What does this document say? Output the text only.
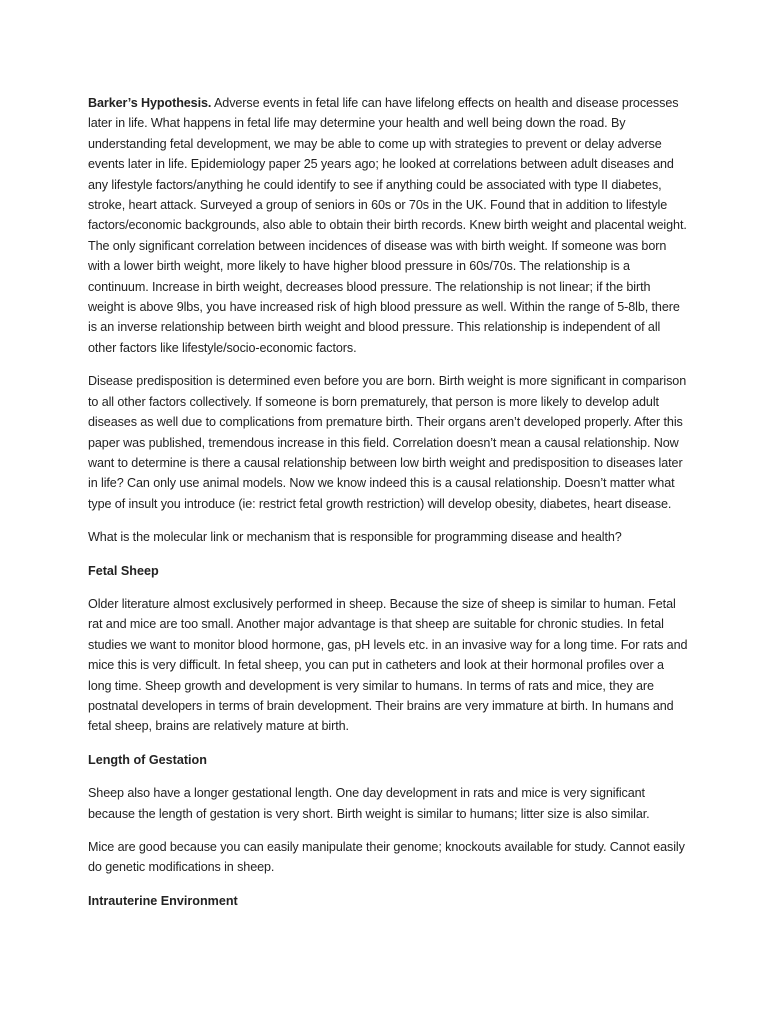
Barker’s Hypothesis. Adverse events in fetal life can have lifelong effects on health and disease processes later in life. What happens in fetal life may determine your health and well being down the road. By understanding fetal development, we may be able to come up with strategies to prevent or delay adverse events later in life. Epidemiology paper 25 years ago; he looked at correlations between adult diseases and any lifestyle factors/anything he could identify to see if anything could be associated with type II diabetes, stroke, heart attack. Surveyed a group of seniors in 60s or 70s in the UK. Found that in addition to lifestyle factors/economic backgrounds, also able to obtain their birth records. Knew birth weight and placental weight. The only significant correlation between incidences of disease was with birth weight. If someone was born with a lower birth weight, more likely to have higher blood pressure in 60s/70s. The relationship is a continuum. Increase in birth weight, decreases blood pressure. The relationship is not linear; if the birth weight is above 9lbs, you have increased risk of high blood pressure as well. Within the range of 5-8lb, there is an inverse relationship between birth weight and blood pressure. This relationship is independent of all other factors like lifestyle/socio-economic factors.

Disease predisposition is determined even before you are born. Birth weight is more significant in comparison to all other factors collectively. If someone is born prematurely, that person is more likely to develop adult diseases as well due to complications from premature birth. Their organs aren’t developed properly. After this paper was published, tremendous increase in this field. Correlation doesn’t mean a causal relationship. Now want to determine is there a causal relationship between low birth weight and predisposition to diseases later in life? Can only use animal models. Now we know indeed this is a causal relationship. Doesn’t matter what type of insult you introduce (ie: restrict fetal growth restriction) will develop obesity, diabetes, heart disease.

What is the molecular link or mechanism that is responsible for programming disease and health?

Fetal Sheep

Older literature almost exclusively performed in sheep. Because the size of sheep is similar to human. Fetal rat and mice are too small. Another major advantage is that sheep are suitable for chronic studies. In fetal studies we want to monitor blood hormone, gas, pH levels etc. in an invasive way for a long time. For rats and mice this is very difficult. In fetal sheep, you can put in catheters and look at their hormonal profiles over a long time. Sheep growth and development is very similar to humans. In terms of rats and mice, they are postnatal developers in terms of brain development. Their brains are very immature at birth. In humans and fetal sheep, brains are relatively mature at birth.

Length of Gestation

Sheep also have a longer gestational length. One day development in rats and mice is very significant because the length of gestation is very short. Birth weight is similar to humans; litter size is also similar.

Mice are good because you can easily manipulate their genome; knockouts available for study. Cannot easily do genetic modifications in sheep.

Intrauterine Environment
